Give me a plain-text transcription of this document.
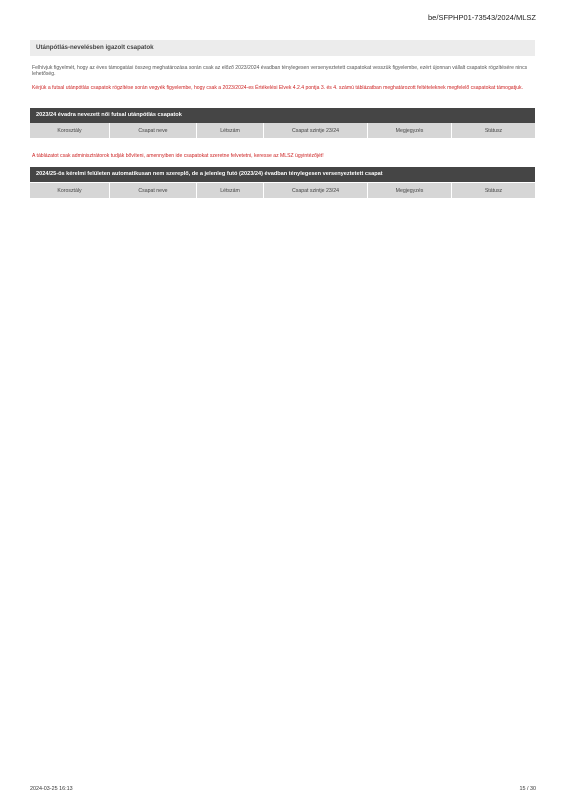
be/SFPHP01-73543/2024/MLSZ
Utánpótlás-nevelésben igazolt csapatok
Felhívjuk figyelmét, hogy az éves támogatási összeg meghatározása során csak az előző 2023/2024 évadban ténylegesen versenyeztetett csapatokat vesszük figyelembe, ezért újonnan vállalt csapatok rögzítésére nincs lehetőség.
Kérjük a futsal utánpótlás csapatok rögzítése során vegyék figyelembe, hogy csak a 2023/2024-es Értékelési Elvek 4.2.4 pontja 3. és 4. számú táblázatban meghatározott feltételeknek megfelelő csapatokat támogatjuk.
2023/24 évadra nevezett női futsal utánpótlás csapatok
Korosztály	Csapat neve	Létszám	Csapat szintje 23/24	Megjegyzés	Státusz
A táblázatot csak adminisztrátorok tudják bővíteni, amennyiben ide csapatokat szeretne felvetetni, keresse az MLSZ ügyintézőjét!
2024/25-ös kérelmi felületen automatikusan nem szereplő, de a jelenleg futó (2023/24) évadban ténylegesen versenyeztetett csapat
Korosztály	Csapat neve	Létszám	Csapat szintje 23/24	Megjegyzés	Státusz
2024-03-25 16:13	15 / 30
